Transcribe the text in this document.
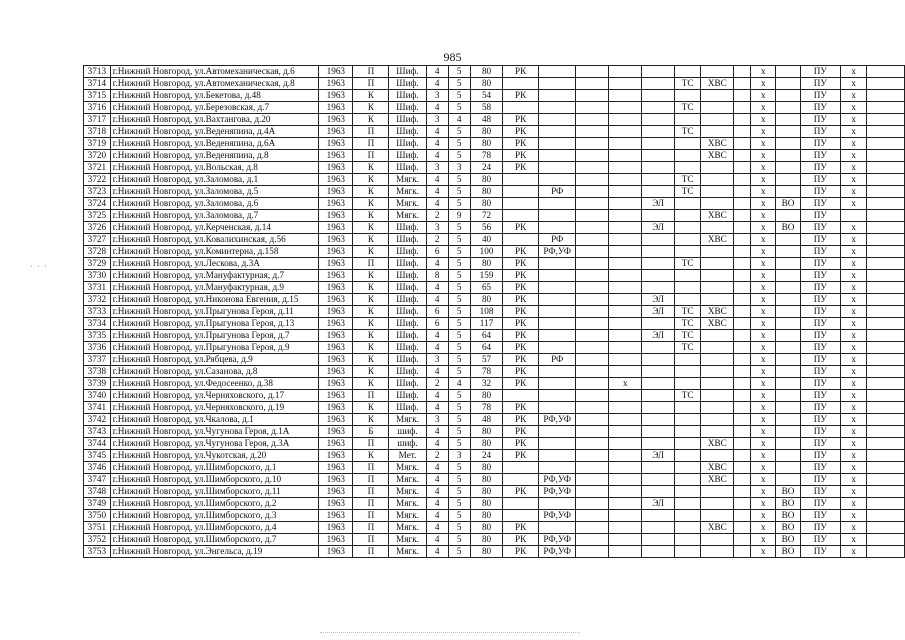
985
3713	г.Нижний Новгород, ул.Автомеханическая, д.6	1963	П	Шиф.	4	5	80	РК								х		ПУ	х	
3714	г.Нижний Новгород, ул.Автомеханическая, д.8	1963	П	Шиф.	4	5	80						ТС	ХВС		х		ПУ	х	
3715	г.Нижний Новгород, ул.Бекетова, д.48	1963	К	Шиф.	3	5	54	РК								х		ПУ	х	
3716	г.Нижний Новгород, ул.Березовская, д.7	1963	К	Шиф.	4	5	58						ТС			х		ПУ	х	
3717	г.Нижний Новгород, ул.Вахтангова, д.20	1963	К	Шиф.	3	4	48	РК								х		ПУ	х	
3718	г.Нижний Новгород, ул.Веденяпина, д.4А	1963	П	Шиф.	4	5	80	РК					ТС			х		ПУ	х	
3719	г.Нижний Новгород, ул.Веденяпина, д.6А	1963	П	Шиф.	4	5	80	РК						ХВС		х		ПУ	х	
3720	г.Нижний Новгород, ул.Веденяпина, д.8	1963	П	Шиф.	4	5	78	РК						ХВС		х		ПУ	х	
3721	г.Нижний Новгород, ул.Вольская, д.8	1963	К	Шиф.	3	3	24	РК								х		ПУ	х	
3722	г.Нижний Новгород, ул.Заломова, д.1	1963	К	Мягк.	4	5	80						ТС			х		ПУ	х	
3723	г.Нижний Новгород, ул.Заломова, д.5	1963	К	Мягк.	4	5	80		РФ				ТС			х		ПУ	х	
3724	г.Нижний Новгород, ул.Заломова, д.6	1963	К	Мягк.	4	5	80					ЭЛ				х	ВО	ПУ	х	
3725	г.Нижний Новгород, ул.Заломова, д.7	1963	К	Мягк.	2	9	72							ХВС		х		ПУ		
3726	г.Нижний Новгород, ул.Керченская, д.14	1963	К	Шиф.	3	5	56	РК				ЭЛ				х	ВО	ПУ	х	
3727	г.Нижний Новгород, ул.Ковалихинская, д.56	1963	К	Шиф.	2	5	40		РФ					ХВС		х		ПУ	х	
3728	г.Нижний Новгород, ул.Коминтерна, д.158	1963	К	Шиф.	6	5	100	РК	РФ,УФ							х		ПУ	х	
3729	г.Нижний Новгород, ул.Лескова, д.3А	1963	П	Шиф.	4	5	80	РК					ТС			х		ПУ	х	
3730	г.Нижний Новгород, ул.Мануфактурная, д.7	1963	К	Шиф.	8	5	159	РК								х		ПУ	х	
3731	г.Нижний Новгород, ул.Мануфактурная, д.9	1963	К	Шиф.	4	5	65	РК								х		ПУ	х	
3732	г.Нижний Новгород, ул.Никонова Евгения, д.15	1963	К	Шиф.	4	5	80	РК				ЭЛ				х		ПУ	х	
3733	г.Нижний Новгород, ул.Прыгунова Героя, д.11	1963	К	Шиф.	6	5	108	РК				ЭЛ	ТС	ХВС		х		ПУ	х	
3734	г.Нижний Новгород, ул.Прыгунова Героя, д.13	1963	К	Шиф.	6	5	117	РК					ТС	ХВС		х		ПУ	х	
3735	г.Нижний Новгород, ул.Прыгунова Героя, д.7	1963	К	Шиф.	4	5	64	РК				ЭЛ	ТС			х		ПУ	х	
3736	г.Нижний Новгород, ул.Прыгунова Героя, д.9	1963	К	Шиф.	4	5	64	РК					ТС			х		ПУ	х	
3737	г.Нижний Новгород, ул.Рябцева, д.9	1963	К	Шиф.	3	5	57	РК	РФ							х		ПУ	х	
3738	г.Нижний Новгород, ул.Сазанова, д.8	1963	К	Шиф.	4	5	78	РК								х		ПУ	х	
3739	г.Нижний Новгород, ул.Федосеенко, д.38	1963	К	Шиф.	2	4	32	РК			х					х		ПУ	х	
3740	г.Нижний Новгород, ул.Черняховского, д.17	1963	П	Шиф.	4	5	80						ТС			х		ПУ	х	
3741	г.Нижний Новгород, ул.Черняховского, д.19	1963	К	Шиф.	4	5	78	РК								х		ПУ	х	
3742	г.Нижний Новгород, ул.Чкалова, д.1	1963	К	Мягк.	3	5	48	РК	РФ,УФ							х		ПУ	х	
3743	г.Нижний Новгород, ул.Чугунова Героя, д.1А	1963	Б	шиф.	4	5	80	РК								х		ПУ	х	
3744	г.Нижний Новгород, ул.Чугунова Героя, д.3А	1963	П	шиф.	4	5	80	РК						ХВС		х		ПУ	х	
3745	г.Нижний Новгород, ул.Чукотская, д.20	1963	К	Мет.	2	3	24	РК				ЭЛ				х		ПУ	х	
3746	г.Нижний Новгород, ул.Шимборского, д.1	1963	П	Мягк.	4	5	80							ХВС		х		ПУ	х	
3747	г.Нижний Новгород, ул.Шимборского, д.10	1963	П	Мягк.	4	5	80		РФ,УФ					ХВС		х		ПУ	х	
3748	г.Нижний Новгород, ул.Шимборского, д.11	1963	П	Мягк.	4	5	80	РК	РФ,УФ							х	ВО	ПУ	х	
3749	г.Нижний Новгород, ул.Шимборского, д.2	1963	П	Мягк.	4	5	80					ЭЛ				х	ВО	ПУ	х	
3750	г.Нижний Новгород, ул.Шимборского, д.3	1963	П	Мягк.	4	5	80		РФ,УФ							х	ВО	ПУ	х	
3751	г.Нижний Новгород, ул.Шимборского, д.4	1963	П	Мягк.	4	5	80	РК						ХВС		х	ВО	ПУ	х	
3752	г.Нижний Новгород, ул.Шимборского, д.7	1963	П	Мягк.	4	5	80	РК	РФ,УФ							х	ВО	ПУ	х	
3753	г.Нижний Новгород, ул.Энгельса, д.19	1963	П	Мягк.	4	5	80	РК	РФ,УФ							х	ВО	ПУ	х	
· · ·
